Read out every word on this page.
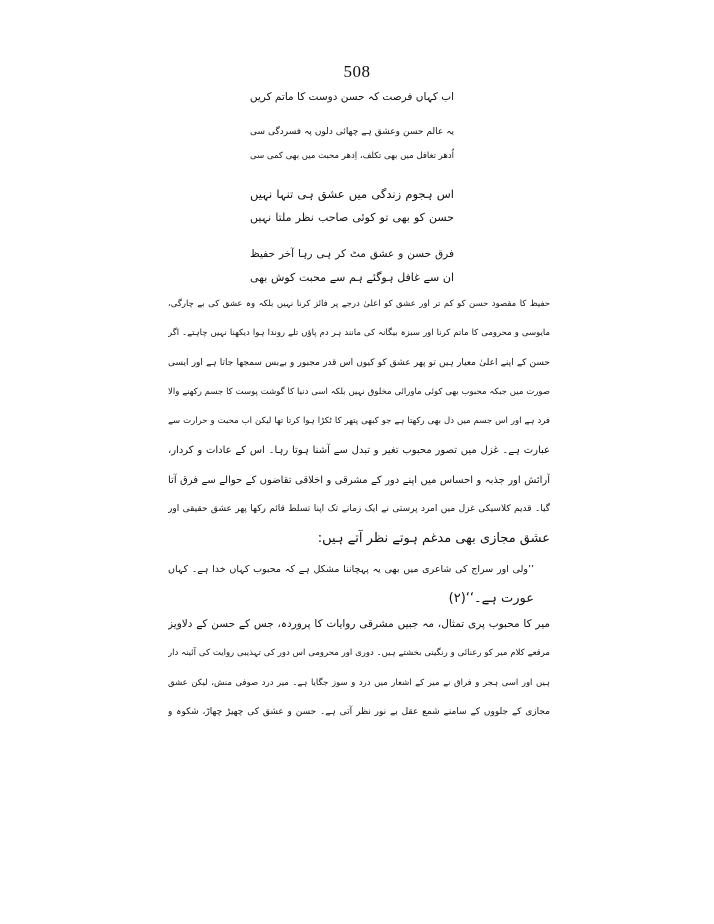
508
اب کہاں فرصت کہ حسن دوست کا ماتم کریں
یہ عالم حسن وعشق ہے چھائی دلوں پہ فسردگی سی
اُدھر تغافل میں بھی تکلف، اِدھر محبت میں بھی کمی سی
اس ہجوم زندگی میں عشق ہی تنہا نہیں
حسن کو بھی تو کوئی صاحب نظر ملتا نہیں
فرق حسن و عشق مٹ کر ہی رہا آخر حفیظ
ان سے غافل ہوگئے ہم سے محبت کوش بھی
حفیظ کا مقصود حسن کو کم تر اور عشق کو اعلیٰ درجے پر فائز کرنا نہیں بلکہ وہ عشق کی بے چارگی،
مایوسی و محرومی کا ماتم کرنا اور سبزہ بیگانہ کی مانند ہر دم پاؤں تلے روندا ہوا دیکھنا نہیں چاہتے۔ اگر
حسن کے اپنے اعلیٰ معیار ہیں تو پھر عشق کو کیوں اس قدر مجبور و بےبس سمجھا جاتا ہے اور ایسی
صورت میں جبکہ محبوب بھی کوئی ماورائی مخلوق نہیں بلکہ اسی دنیا کا گوشت پوست کا جسم رکھنے والا
فرد ہے اور اس جسم میں دل بھی رکھتا ہے جو کبھی پتھر کا ٹکڑا ہوا کرتا تھا لیکن اب محبت و حرارت سے
عبارت ہے۔ غزل میں تصور محبوب تغیر و تبدل سے آشنا ہوتا رہا۔ اس کے عادات و کردار،
آرائش اور جذبہ و احساس میں اپنے دور کے مشرقی و اخلاقی تقاضوں کے حوالے سے فرق آتا
گیا۔ قدیم کلاسیکی غزل میں امرد پرستی نے ایک زمانے تک اپنا تسلط قائم رکھا پھر عشق حقیقی اور
عشق مجازی بھی مدغم ہوتے نظر آتے ہیں:
’’ولی اور سراج کی شاعری میں بھی یہ پہچاننا مشکل ہے کہ محبوب کہاں خدا ہے۔ کہاں
عورت ہے۔‘‘(۲)
میر کا محبوب پری تمثال، مہ جبیں مشرقی روایات کا پروردہ، جس کے حسن کے دلاویز
مرقعے کلام میر کو رعنائی و رنگینی بخشتے ہیں۔ دوری اور محرومی اس دور کی تہذیبی روایت کی آئینہ دار
ہیں اور اسی ہجر و فراق نے میر کے اشعار میں درد و سوز جگایا ہے۔ میر درد صوفی منش، لیکن عشق
مجازی کے جلووں کے سامنے شمع عقل بے نور نظر آتی ہے۔ حسن و عشق کی چھیڑ چھاڑ، شکوہ و
